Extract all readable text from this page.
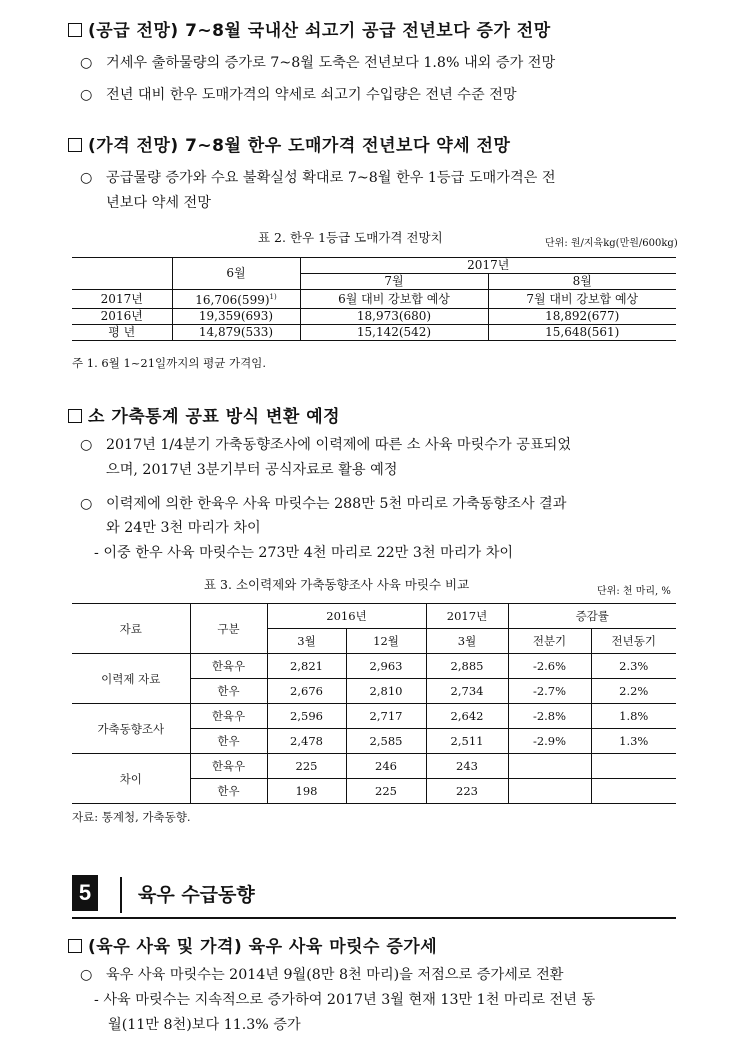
(공급 전망) 7~8월 국내산 쇠고기 공급 전년보다 증가 전망
○ 거세우 출하물량의 증가로 7~8월 도축은 전년보다 1.8% 내외 증가 전망
○ 전년 대비 한우 도매가격의 약세로 쇠고기 수입량은 전년 수준 전망
(가격 전망) 7~8월 한우 도매가격 전년보다 약세 전망
○ 공급물량 증가와 수요 불확실성 확대로 7~8월 한우 1등급 도매가격은 전
년보다 약세 전망
표 2. 한우 1등급 도매가격 전망치	단위: 원/지육kg(만원/600kg)
	6월	2017년	
		7월	8월
2017년	$16,706(599)^{1)}$	6월 대비 강보합 예상	7월 대비 강보합 예상
2016년	19,359(693)	18,973(680)	18,892(677)
평 년	14,879(533)	15,142(542)	15,648(561)
주 1. 6월 1~21일까지의 평균 가격임.
소 가축통계 공표 방식 변환 예정
○ 2017년 1/4분기 가축동향조사에 이력제에 따른 소 사육 마릿수가 공표되었
으며, 2017년 3분기부터 공식자료로 활용 예정
○ 이력제에 의한 한육우 사육 마릿수는 288만 5천 마리로 가축동향조사 결과
와 24만 3천 마리가 차이
- 이중 한우 사육 마릿수는 273만 4천 마리로 22만 3천 마리가 차이
표 3. 소이력제와 가축동향조사 사육 마릿수 비교	단위: 천 마리, %
자료	구분	2016년		2017년	증감률	
		3월	12월	3월	전분기	전년동기
이력제 자료	한육우	2,821	2,963	2,885	-2.6%	2.3%
	한우	2,676	2,810	2,734	-2.7%	2.2%
가축동향조사	한육우	2,596	2,717	2,642	-2.8%	1.8%
	한우	2,478	2,585	2,511	-2.9%	1.3%
차이	한육우	225	246	243		
	한우	198	225	223		
자료: 통계청, 가축동향.
5	육우 수급동향
(육우 사육 및 가격) 육우 사육 마릿수 증가세
○ 육우 사육 마릿수는 2014년 9월(8만 8천 마리)을 저점으로 증가세로 전환
- 사육 마릿수는 지속적으로 증가하여 2017년 3월 현재 13만 1천 마리로 전년 동
월(11만 8천)보다 11.3% 증가
